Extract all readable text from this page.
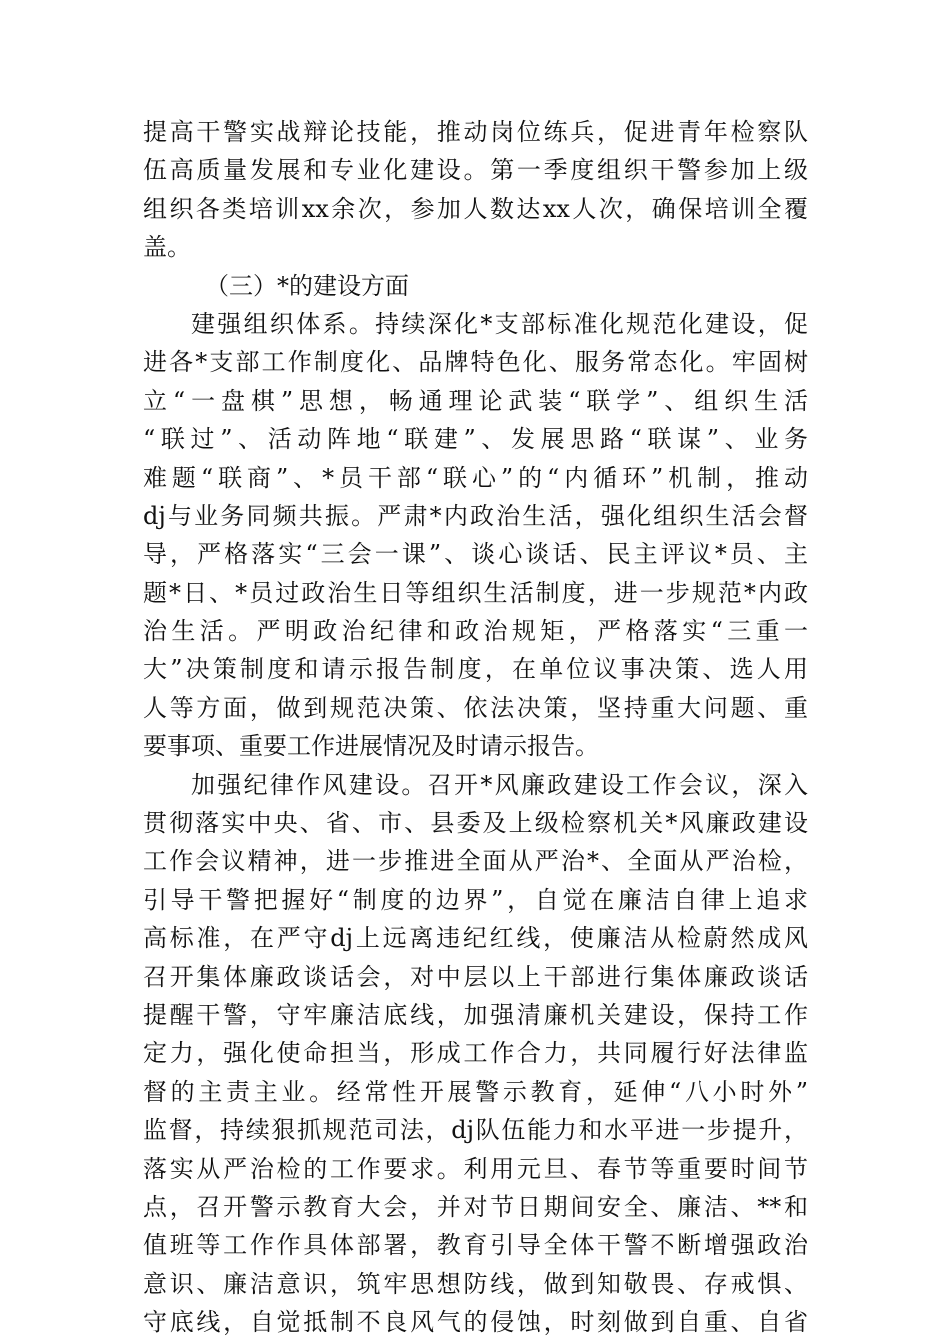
提高干警实战辩论技能，推动岗位练兵，促进青年检察队
伍高质量发展和专业化建设。第一季度组织干警参加上级
组织各类培训xx余次，参加人数达xx人次，确保培训全覆
盖。
（三）*的建设方面
建强组织体系。持续深化*支部标准化规范化建设，促
进各*支部工作制度化、品牌特色化、服务常态化。牢固树
立“一盘棋”思想，畅通理论武装“联学”、组织生活
“联过”、活动阵地“联建”、发展思路“联谋”、业务
难题“联商”、*员干部“联心”的“内循环”机制，推动
dj与业务同频共振。严肃*内政治生活，强化组织生活会督
导，严格落实“三会一课”、谈心谈话、民主评议*员、主
题*日、*员过政治生日等组织生活制度，进一步规范*内政
治生活。严明政治纪律和政治规矩，严格落实“三重一
大”决策制度和请示报告制度，在单位议事决策、选人用
人等方面，做到规范决策、依法决策，坚持重大问题、重
要事项、重要工作进展情况及时请示报告。
加强纪律作风建设。召开*风廉政建设工作会议，深入
贯彻落实中央、省、市、县委及上级检察机关*风廉政建设
工作会议精神，进一步推进全面从严治*、全面从严治检，
引导干警把握好“制度的边界”，自觉在廉洁自律上追求
高标准，在严守dj上远离违纪红线，使廉洁从检蔚然成风
召开集体廉政谈话会，对中层以上干部进行集体廉政谈话
提醒干警，守牢廉洁底线，加强清廉机关建设，保持工作
定力，强化使命担当，形成工作合力，共同履行好法律监
督的主责主业。经常性开展警示教育，延伸“八小时外”
监督，持续狠抓规范司法，dj队伍能力和水平进一步提升，
落实从严治检的工作要求。利用元旦、春节等重要时间节
点，召开警示教育大会，并对节日期间安全、廉洁、**和
值班等工作作具体部署，教育引导全体干警不断增强政治
意识、廉洁意识，筑牢思想防线，做到知敬畏、存戒惧、
守底线，自觉抵制不良风气的侵蚀，时刻做到自重、自省
